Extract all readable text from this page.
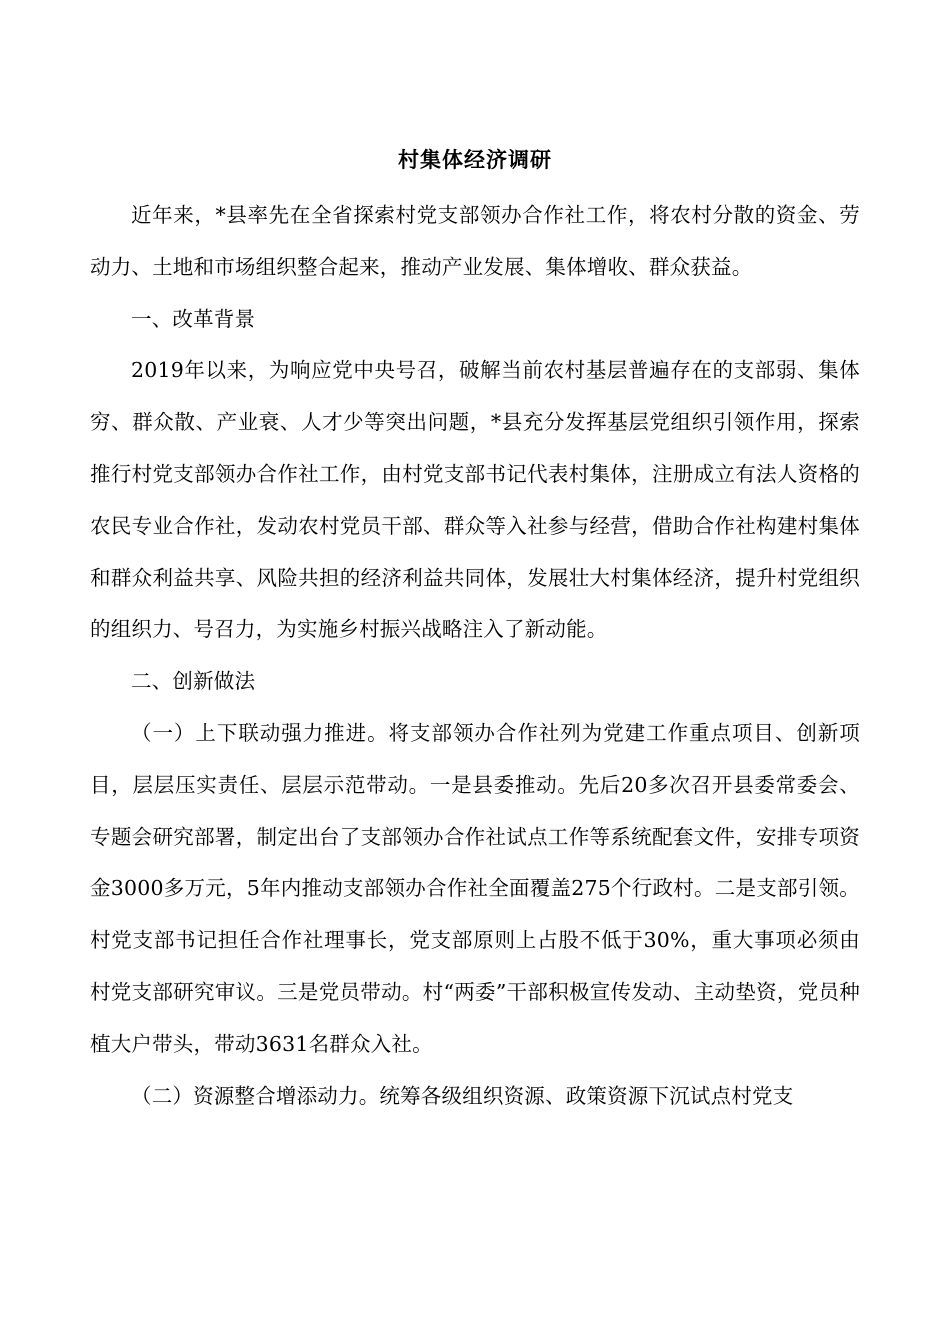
村集体经济调研

近年来，*县率先在全省探索村党支部领办合作社工作，将农村分散的资金、劳动力、土地和市场组织整合起来，推动产业发展、集体增收、群众获益。

一、改革背景

2019年以来，为响应党中央号召，破解当前农村基层普遍存在的支部弱、集体穷、群众散、产业衰、人才少等突出问题，*县充分发挥基层党组织引领作用，探索推行村党支部领办合作社工作，由村党支部书记代表村集体，注册成立有法人资格的农民专业合作社，发动农村党员干部、群众等入社参与经营，借助合作社构建村集体和群众利益共享、风险共担的经济利益共同体，发展壮大村集体经济，提升村党组织的组织力、号召力，为实施乡村振兴战略注入了新动能。

二、创新做法

（一）上下联动强力推进。将支部领办合作社列为党建工作重点项目、创新项目，层层压实责任、层层示范带动。一是县委推动。先后20多次召开县委常委会、专题会研究部署，制定出台了支部领办合作社试点工作等系统配套文件，安排专项资金3000多万元，5年内推动支部领办合作社全面覆盖275个行政村。二是支部引领。村党支部书记担任合作社理事长，党支部原则上占股不低于30%，重大事项必须由村党支部研究审议。三是党员带动。村“两委”干部积极宣传发动、主动垫资，党员种植大户带头，带动3631名群众入社。

（二）资源整合增添动力。统筹各级组织资源、政策资源下沉试点村党支
